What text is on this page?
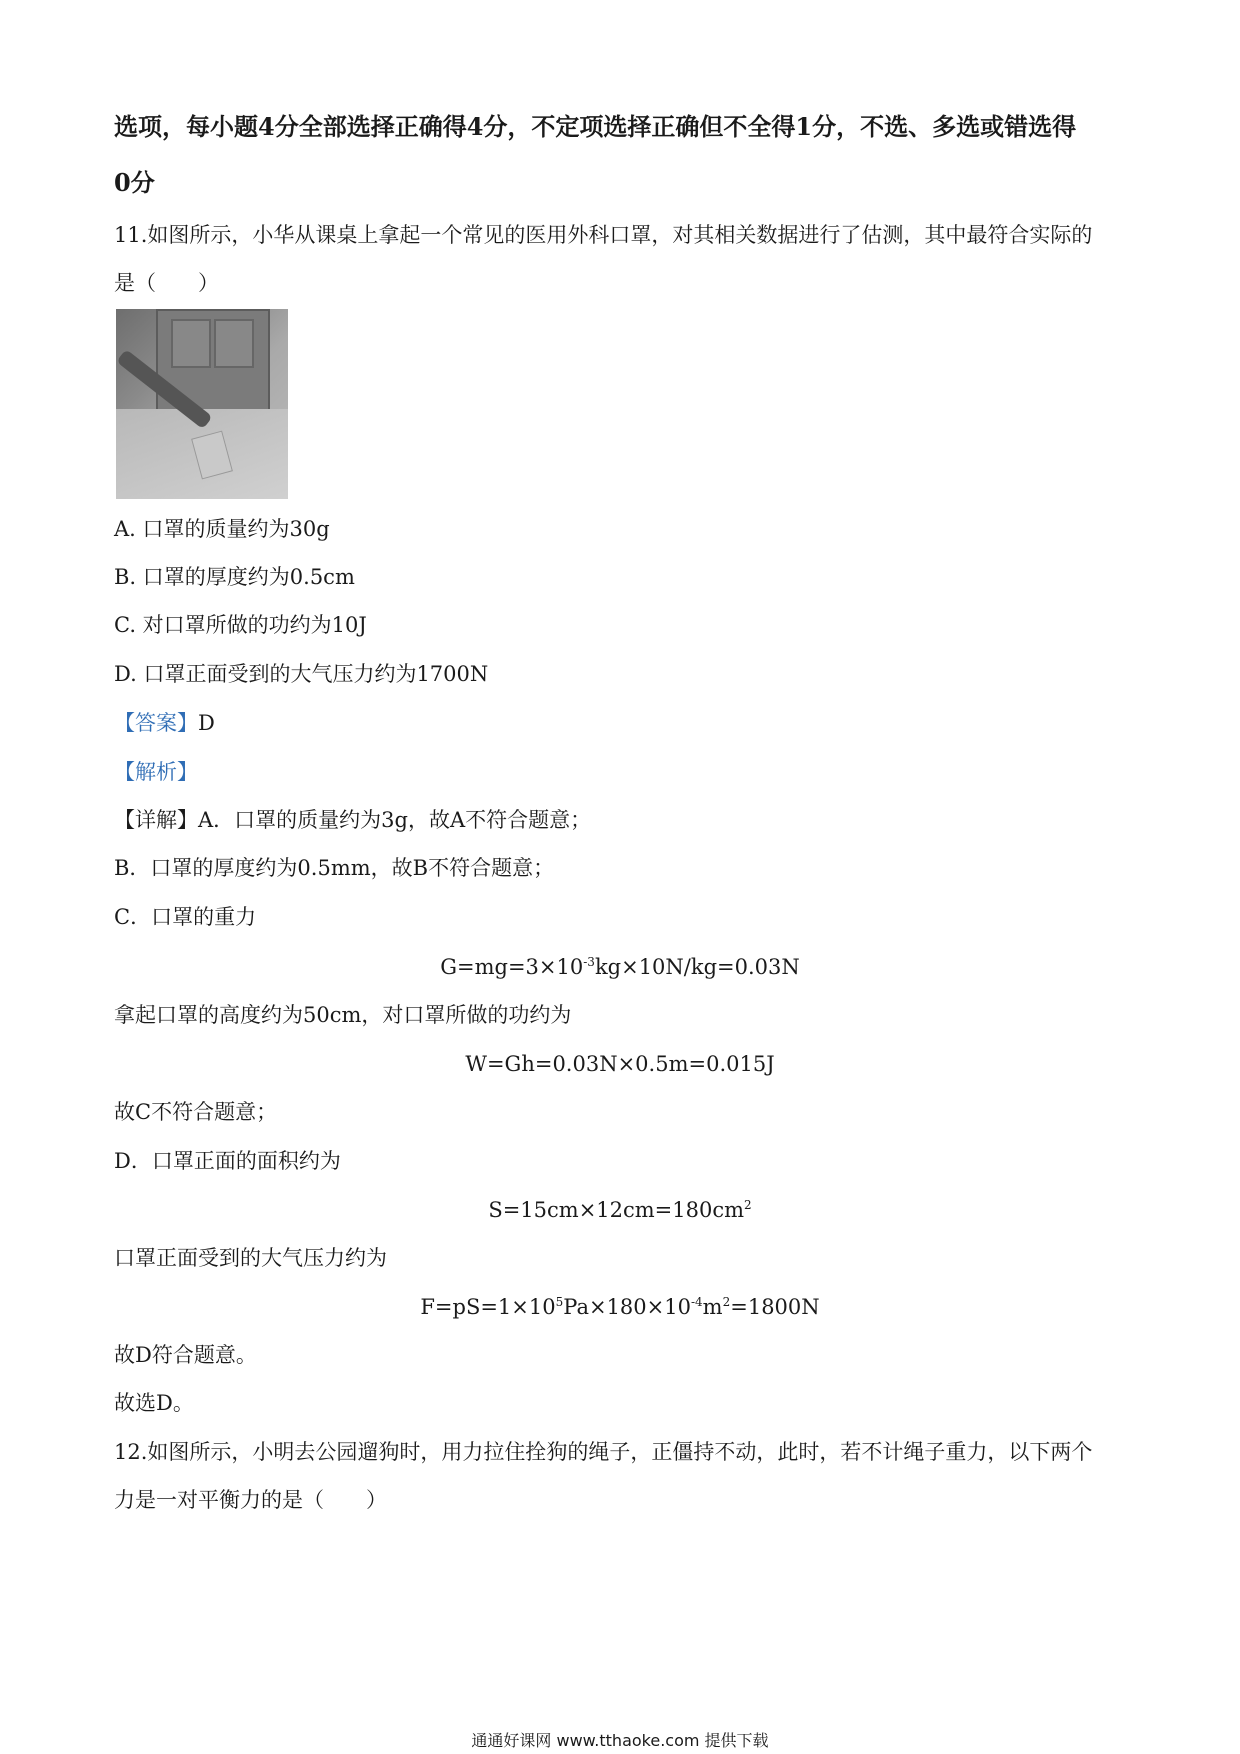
选项，每小题4分全部选择正确得4分，不定项选择正确但不全得1分，不选、多选或错选得
0分
11.如图所示，小华从课桌上拿起一个常见的医用外科口罩，对其相关数据进行了估测，其中最符合实际的
是（　　）
A. 口罩的质量约为30g
B. 口罩的厚度约为0.5cm
C. 对口罩所做的功约为10J
D. 口罩正面受到的大气压力约为1700N
【答案】D
【解析】
【详解】A．口罩的质量约为3g，故A不符合题意；
B．口罩的厚度约为0.5mm，故B不符合题意；
C．口罩的重力
$G=mg=3\times 10^{-3}kg\times 10N/kg=0.03N$
拿起口罩的高度约为50cm，对口罩所做的功约为
W=Gh=0.03N×0.5m=0.015J
故C不符合题意；
D．口罩正面的面积约为
$S=15cm\times 12cm=180cm^2$
口罩正面受到的大气压力约为
$F=pS=1\times 10^5Pa\times 180\times 10^{-4}m^2=1800N$
故D符合题意。
故选D。
12.如图所示，小明去公园遛狗时，用力拉住拴狗的绳子，正僵持不动，此时，若不计绳子重力，以下两个
力是一对平衡力的是（　　）
通通好课网 www.tthaoke.com 提供下载
